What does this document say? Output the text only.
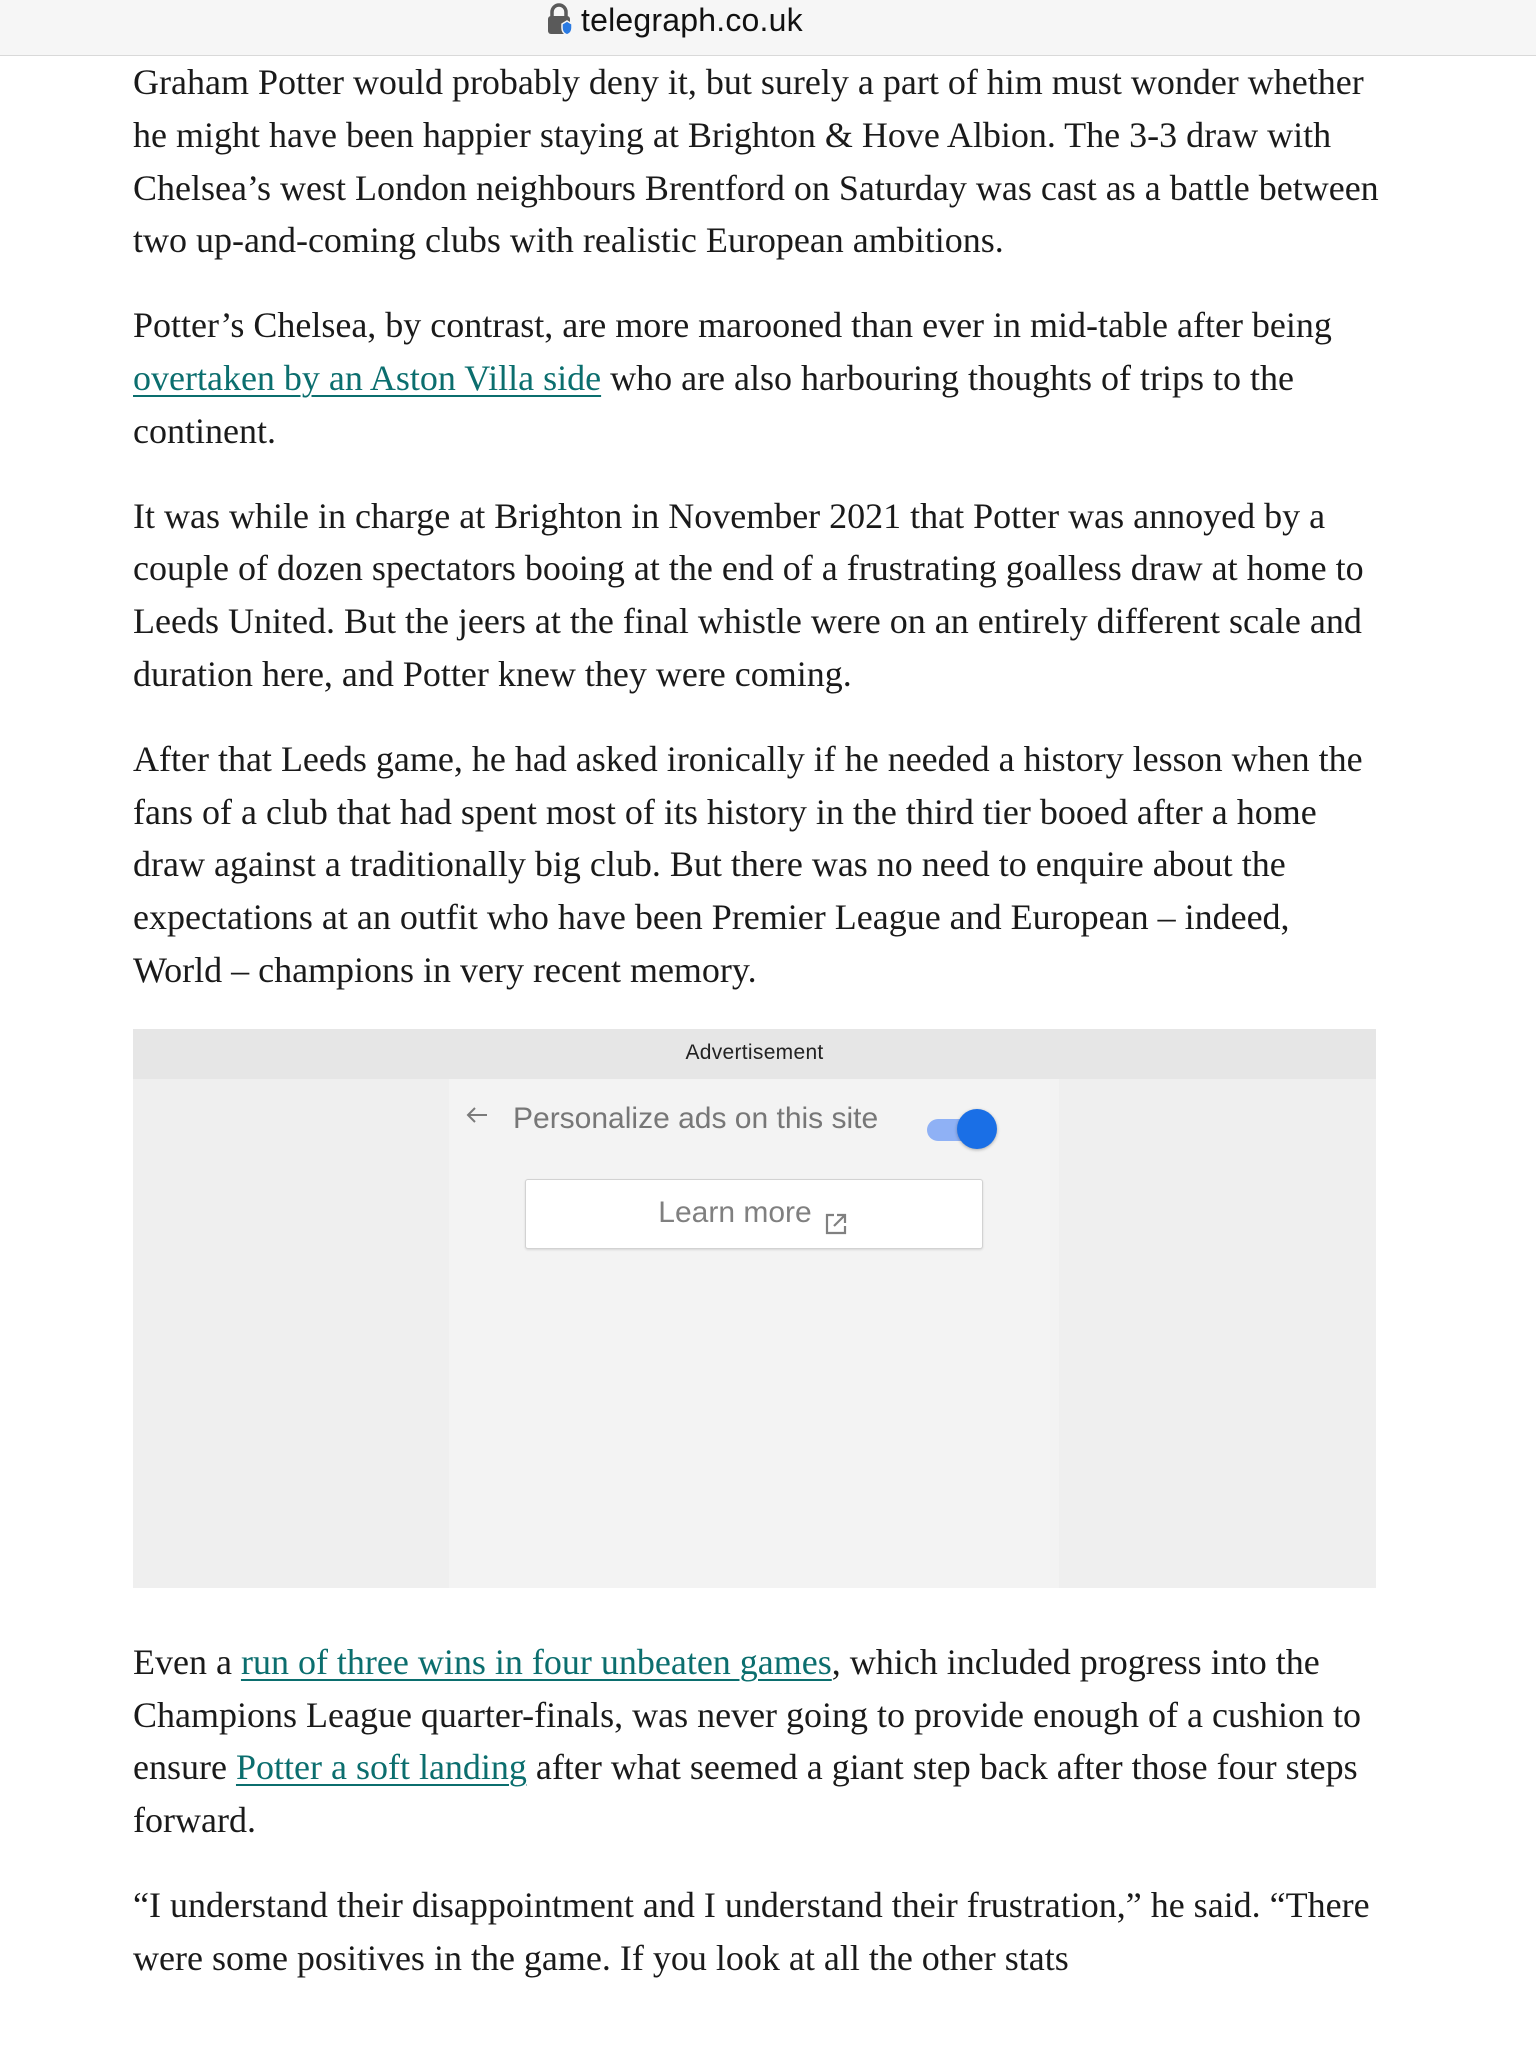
telegraph.co.uk

Graham Potter would probably deny it, but surely a part of him must wonder whether he might have been happier staying at Brighton & Hove Albion. The 3-3 draw with Chelsea’s west London neighbours Brentford on Saturday was cast as a battle between two up-and-coming clubs with realistic European ambitions.

Potter’s Chelsea, by contrast, are more marooned than ever in mid-table after being overtaken by an Aston Villa side who are also harbouring thoughts of trips to the continent.

It was while in charge at Brighton in November 2021 that Potter was annoyed by a couple of dozen spectators booing at the end of a frustrating goalless draw at home to Leeds United. But the jeers at the final whistle were on an entirely different scale and duration here, and Potter knew they were coming.

After that Leeds game, he had asked ironically if he needed a history lesson when the fans of a club that had spent most of its history in the third tier booed after a home draw against a traditionally big club. But there was no need to enquire about the expectations at an outfit who have been Premier League and European – indeed, World – champions in very recent memory.

Advertisement
Personalize ads on this site
Learn more

Even a run of three wins in four unbeaten games, which included progress into the Champions League quarter-finals, was never going to provide enough of a cushion to ensure Potter a soft landing after what seemed a giant step back after those four steps forward.

“I understand their disappointment and I understand their frustration,” he said. “There were some positives in the game. If you look at all the other stats
